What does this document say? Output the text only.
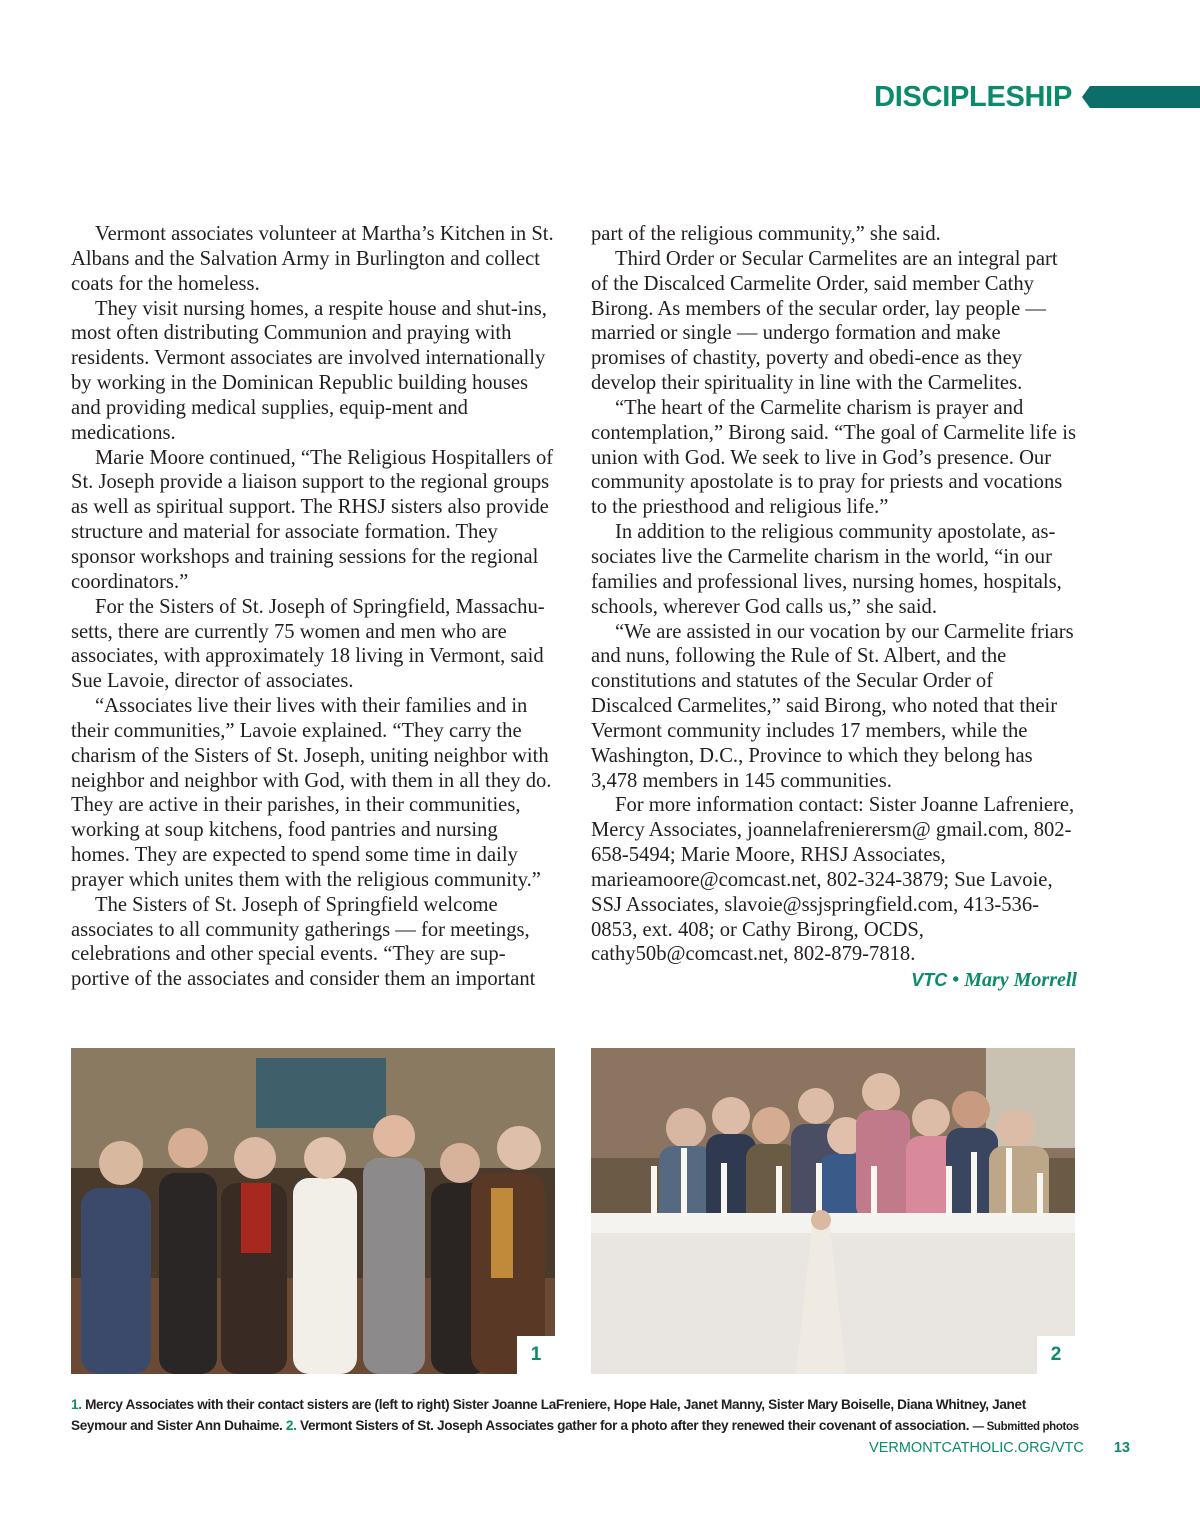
DISCIPLESHIP

Vermont associates volunteer at Martha’s Kitchen in St. Albans and the Salvation Army in Burlington and collect coats for the homeless.

They visit nursing homes, a respite house and shut-ins, most often distributing Communion and praying with residents. Vermont associates are involved internationally by working in the Dominican Republic building houses and providing medical supplies, equip-ment and medications.

Marie Moore continued, “The Religious Hospitallers of St. Joseph provide a liaison support to the regional groups as well as spiritual support. The RHSJ sisters also provide structure and material for associate formation. They sponsor workshops and training sessions for the regional coordinators.”

For the Sisters of St. Joseph of Springfield, Massachu-setts, there are currently 75 women and men who are associates, with approximately 18 living in Vermont, said Sue Lavoie, director of associates.

“Associates live their lives with their families and in their communities,” Lavoie explained. “They carry the charism of the Sisters of St. Joseph, uniting neighbor with neighbor and neighbor with God, with them in all they do. They are active in their parishes, in their communities, working at soup kitchens, food pantries and nursing homes. They are expected to spend some time in daily prayer which unites them with the religious community.”

The Sisters of St. Joseph of Springfield welcome associates to all community gatherings — for meetings, celebrations and other special events. “They are sup-portive of the associates and consider them an important

part of the religious community,” she said.

Third Order or Secular Carmelites are an integral part of the Discalced Carmelite Order, said member Cathy Birong. As members of the secular order, lay people — married or single — undergo formation and make promises of chastity, poverty and obedi-ence as they develop their spirituality in line with the Carmelites.

“The heart of the Carmelite charism is prayer and contemplation,” Birong said. “The goal of Carmelite life is union with God. We seek to live in God’s presence. Our community apostolate is to pray for priests and vocations to the priesthood and religious life.”

In addition to the religious community apostolate, as-sociates live the Carmelite charism in the world, “in our families and professional lives, nursing homes, hospitals, schools, wherever God calls us,” she said.

“We are assisted in our vocation by our Carmelite friars and nuns, following the Rule of St. Albert, and the constitutions and statutes of the Secular Order of Discalced Carmelites,” said Birong, who noted that their Vermont community includes 17 members, while the Washington, D.C., Province to which they belong has 3,478 members in 145 communities.

For more information contact: Sister Joanne Lafreniere, Mercy Associates, joannelafrenierersm@ gmail.com, 802-658-5494; Marie Moore, RHSJ Associates, marieamoore@comcast.net, 802-324-3879; Sue Lavoie, SSJ Associates, slavoie@ssjspringfield.com, 413-536-0853, ext. 408; or Cathy Birong, OCDS, cathy50b@comcast.net, 802-879-7818.

VTC • Mary Morrell
1	2
1. Mercy Associates with their contact sisters are (left to right) Sister Joanne LaFreniere, Hope Hale, Janet Manny, Sister Mary Boiselle, Diana Whitney, Janet Seymour and Sister Ann Duhaime. 2. Vermont Sisters of St. Joseph Associates gather for a photo after they renewed their covenant of association. — Submitted photos
VERMONTCATHOLIC.ORG/VTC 13
